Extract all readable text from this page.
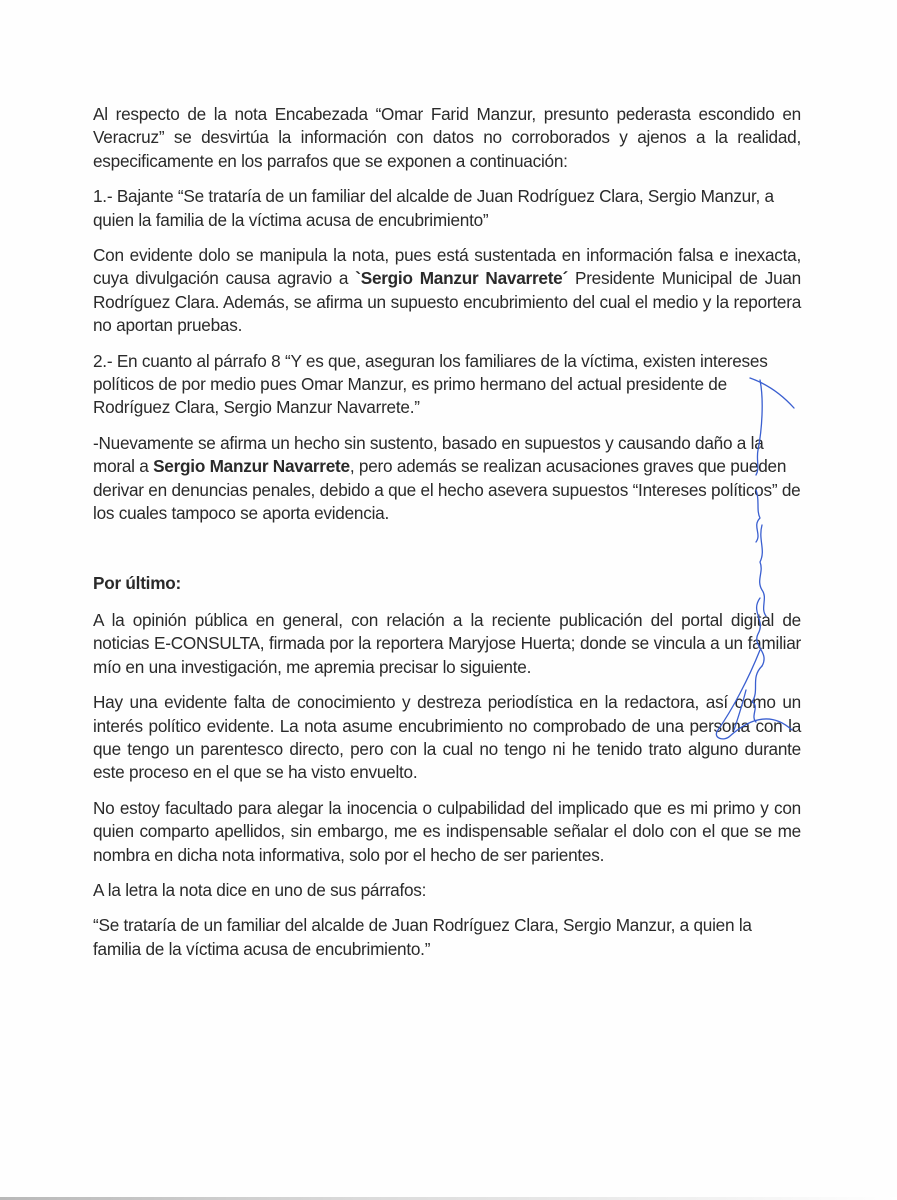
Al respecto de la nota Encabezada “Omar Farid Manzur, presunto pederasta escondido en Veracruz” se desvirtúa la información con datos no corroborados y ajenos a la realidad, especificamente en los parrafos que se exponen a continuación:

1.- Bajante “Se trataría de un familiar del alcalde de Juan Rodríguez Clara, Sergio Manzur, a quien la familia de la víctima acusa de encubrimiento”

Con evidente dolo se manipula la nota, pues está sustentada en información falsa e inexacta, cuya divulgación causa agravio a `Sergio Manzur Navarrete´ Presidente Municipal de Juan Rodríguez Clara. Además, se afirma un supuesto encubrimiento del cual el medio y la reportera no aportan pruebas.

2.- En cuanto al párrafo 8 “Y es que, aseguran los familiares de la víctima, existen intereses políticos de por medio pues Omar Manzur, es primo hermano del actual presidente de Rodríguez Clara, Sergio Manzur Navarrete.”

-Nuevamente se afirma un hecho sin sustento, basado en supuestos y causando daño a la moral a Sergio Manzur Navarrete, pero además se realizan acusaciones graves que pueden derivar en denuncias penales, debido a que el hecho asevera supuestos “Intereses políticos” de los cuales tampoco se aporta evidencia.

Por último:

A la opinión pública en general, con relación a la reciente publicación del portal digital de noticias E-CONSULTA, firmada por la reportera Maryjose Huerta; donde se vincula a un familiar mío en una investigación, me apremia precisar lo siguiente.

Hay una evidente falta de conocimiento y destreza periodística en la redactora, así como un interés político evidente. La nota asume encubrimiento no comprobado de una persona con la que tengo un parentesco directo, pero con la cual no tengo ni he tenido trato alguno durante este proceso en el que se ha visto envuelto.

No estoy facultado para alegar la inocencia o culpabilidad del implicado que es mi primo y con quien comparto apellidos, sin embargo, me es indispensable señalar el dolo con el que se me nombra en dicha nota informativa, solo por el hecho de ser parientes.

A la letra la nota dice en uno de sus párrafos:

“Se trataría de un familiar del alcalde de Juan Rodríguez Clara, Sergio Manzur, a quien la familia de la víctima acusa de encubrimiento.”
